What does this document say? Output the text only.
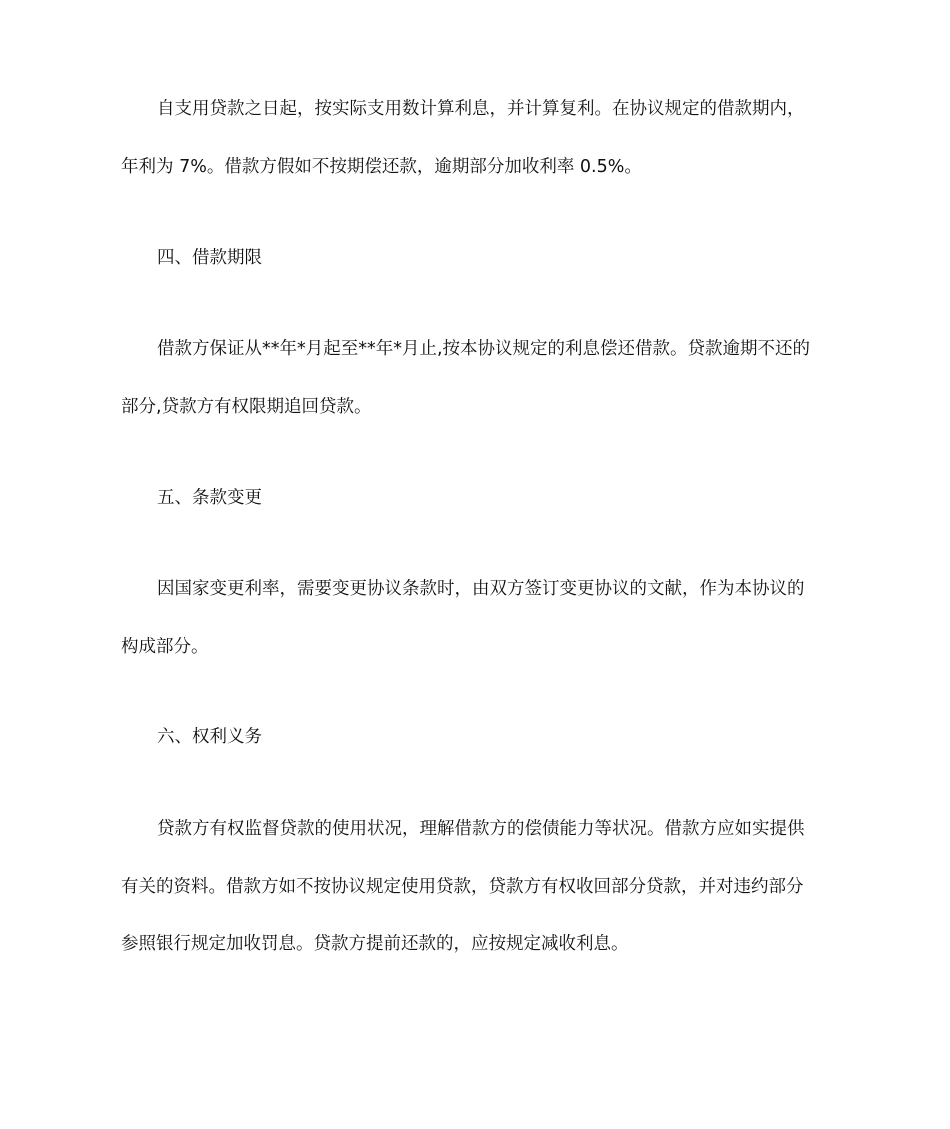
自支用贷款之日起，按实际支用数计算利息，并计算复利。在协议规定的借款期内，
年利为 7%。借款方假如不按期偿还款，逾期部分加收利率 0.5%。
四、借款期限
借款方保证从**年*月起至**年*月止,按本协议规定的利息偿还借款。贷款逾期不还的
部分,贷款方有权限期追回贷款。
五、条款变更
因国家变更利率，需要变更协议条款时，由双方签订变更协议的文献，作为本协议的
构成部分。
六、权利义务
贷款方有权监督贷款的使用状况，理解借款方的偿债能力等状况。借款方应如实提供
有关的资料。借款方如不按协议规定使用贷款，贷款方有权收回部分贷款，并对违约部分
参照银行规定加收罚息。贷款方提前还款的，应按规定减收利息。
